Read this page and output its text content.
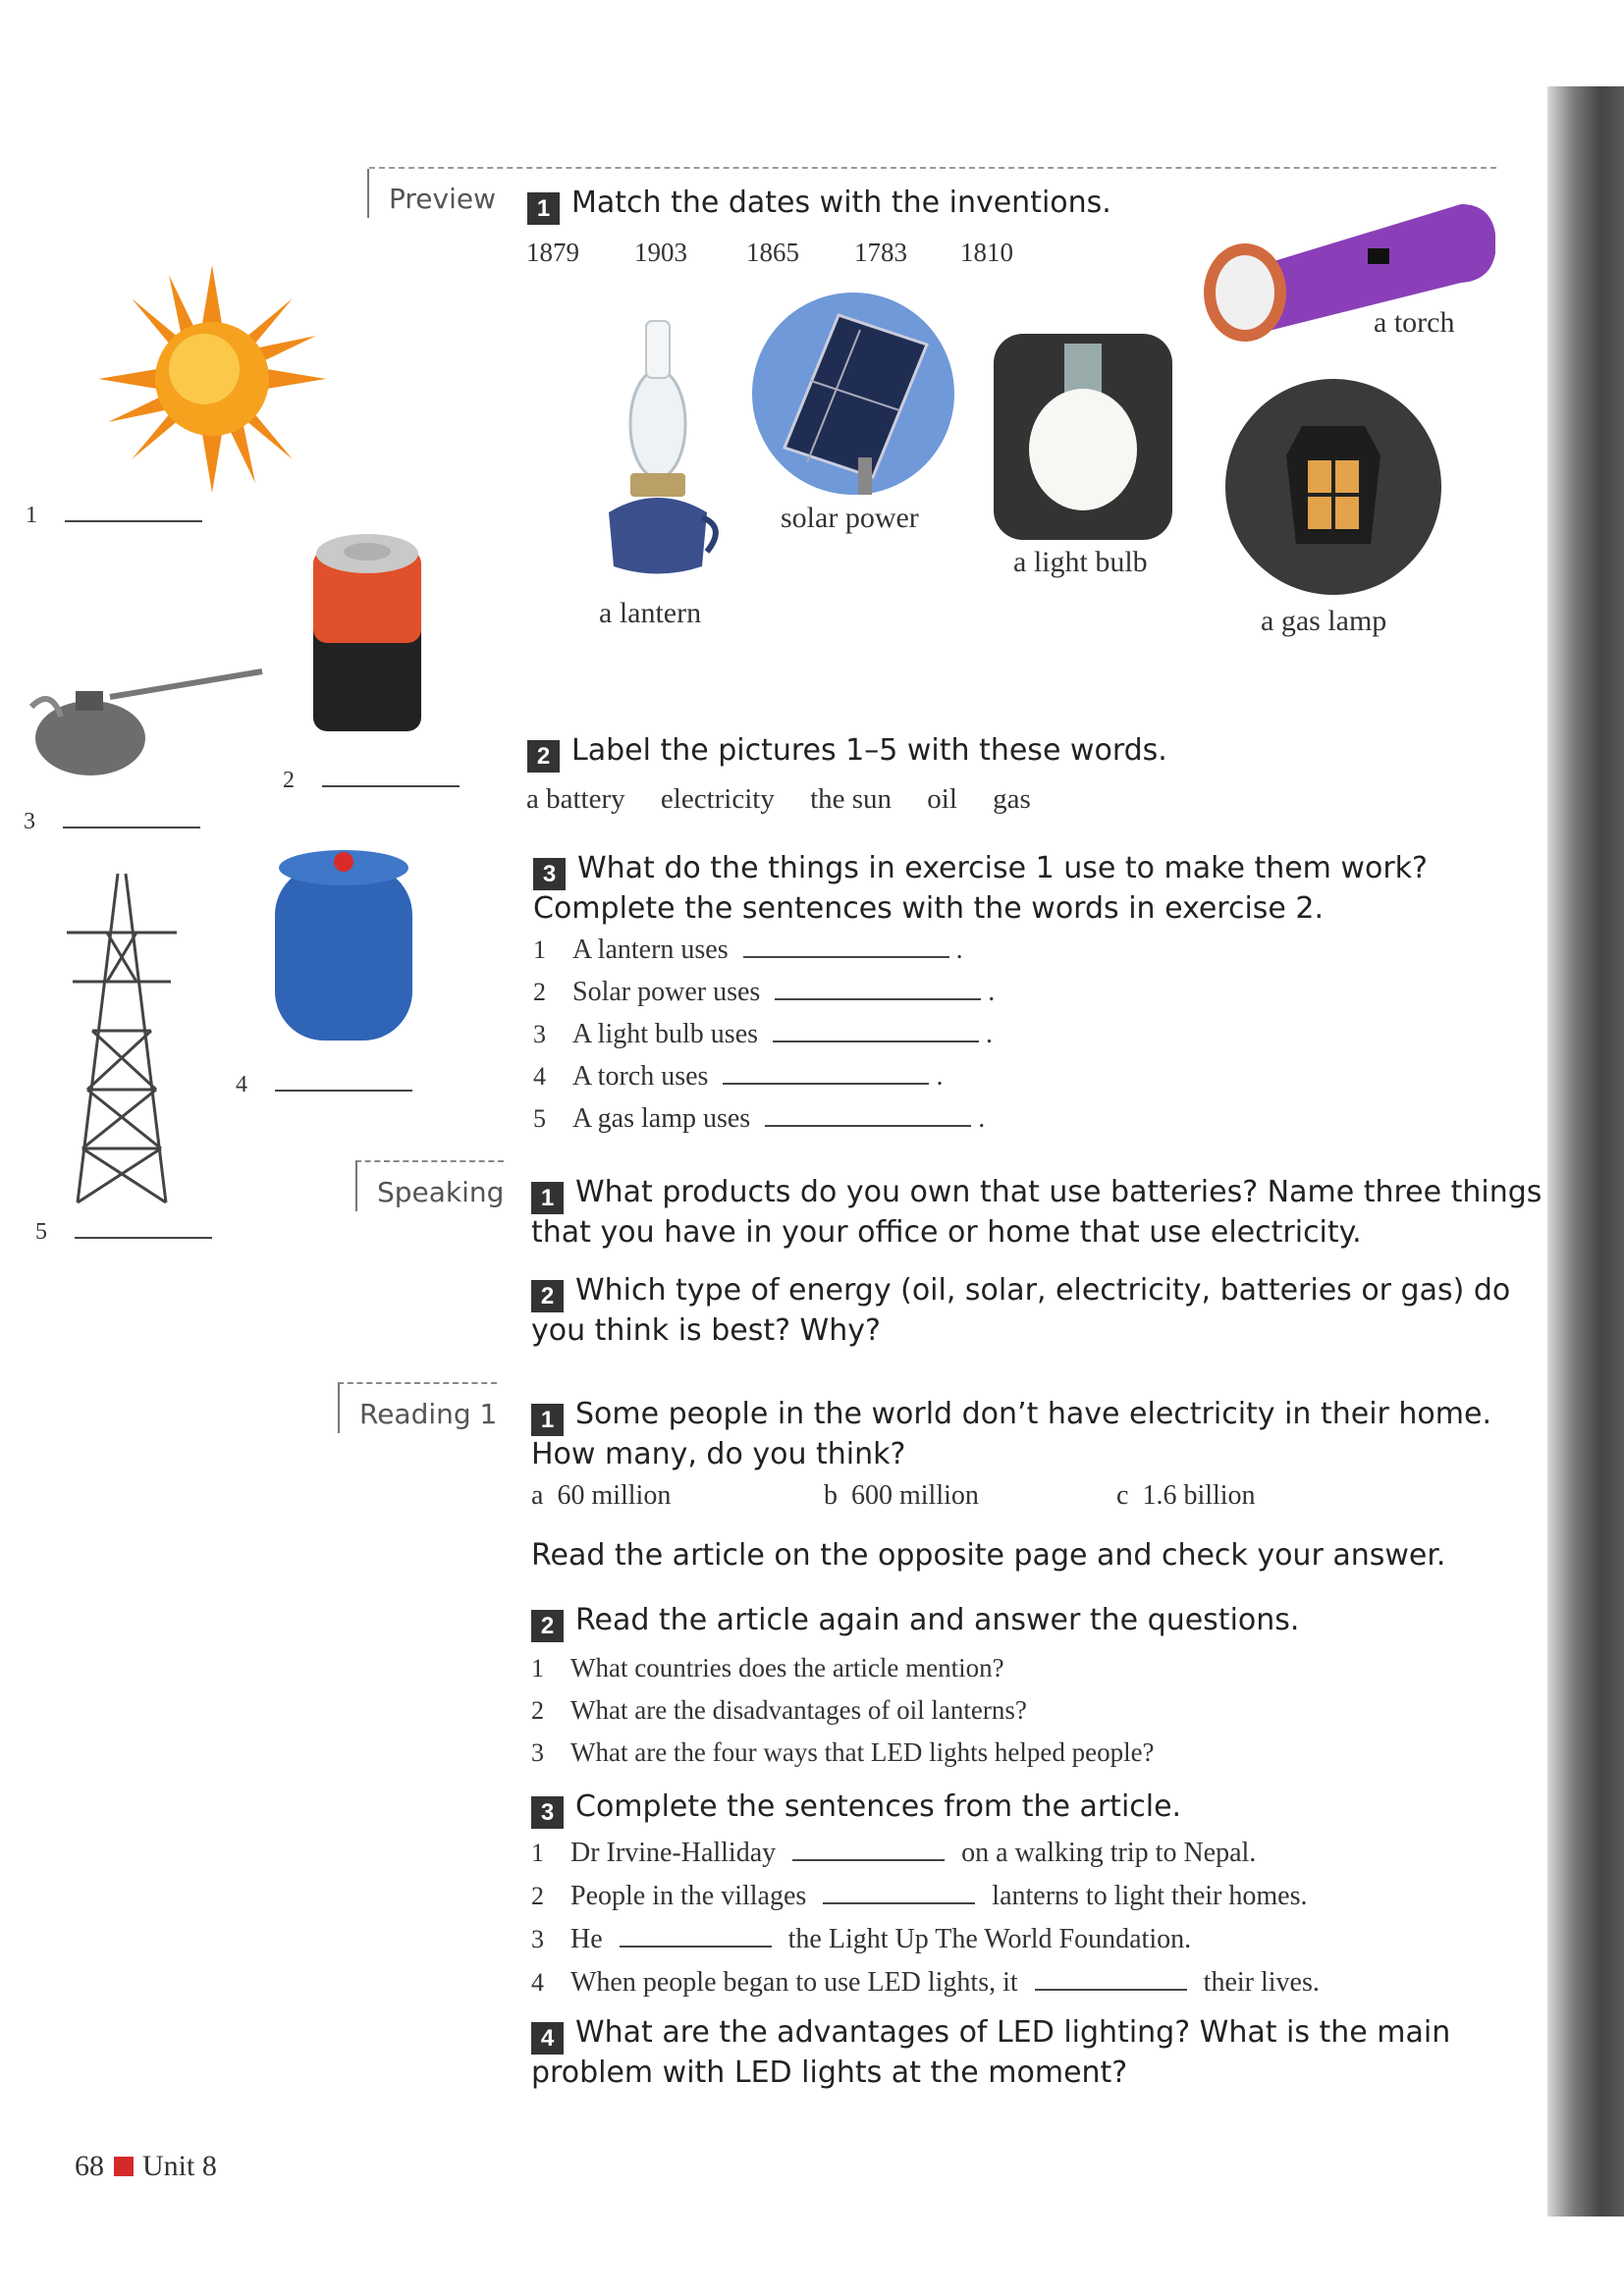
Preview
Speaking
Reading 1
1 Match the dates with the inventions.
1879 1903 1865 1783 1810
a lantern
solar power
a light bulb
a torch
a gas lamp
1
2
3
4
5
2 Label the pictures 1–5 with these words.
a battery electricity the sun oil gas
3 What do the things in exercise 1 use to make them work?
Complete the sentences with the words in exercise 2.
1 A lantern uses	.
2 Solar power uses	.
3 A light bulb uses	.
4 A torch uses	.
5 A gas lamp uses	.
1 What products do you own that use batteries? Name three things
that you have in your office or home that use electricity.
2 Which type of energy (oil, solar, electricity, batteries or gas) do
you think is best? Why?
1 Some people in the world don’t have electricity in their home.
How many, do you think?
a 60 million	b 600 million	c 1.6 billion
Read the article on the opposite page and check your answer.
2 Read the article again and answer the questions.
1 What countries does the article mention?
2 What are the disadvantages of oil lanterns?
3 What are the four ways that LED lights helped people?
3 Complete the sentences from the article.
1 Dr Irvine-Halliday	on a walking trip to Nepal.
2 People in the villages	lanterns to light their homes.
3 He	the Light Up The World Foundation.
4 When people began to use LED lights, it	their lives.
4 What are the advantages of LED lighting? What is the main
problem with LED lights at the moment?
68 Unit 8
